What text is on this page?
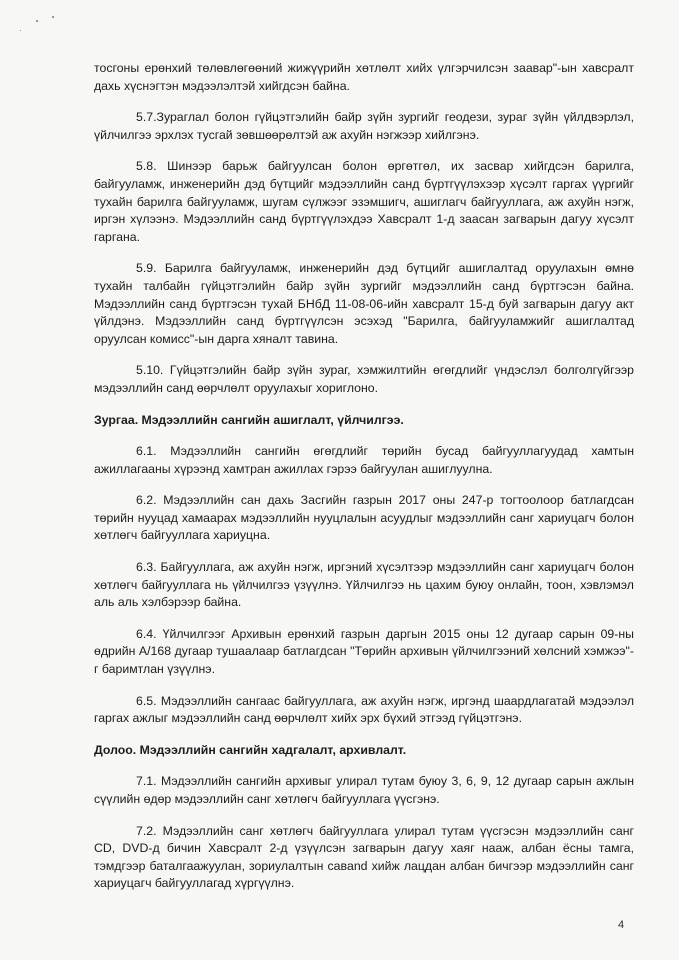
тосгоны ерөнхий төлөвлөгөөний жижүүрийн хөтлөлт хийх үлгэрчилсэн заавар"-ын хавсралт дахь хүснэгтэн мэдээлэлтэй хийгдсэн байна.

5.7.Зураглал болон гүйцэтгэлийн байр зүйн зургийг геодези, зураг зүйн үйлдвэрлэл, үйлчилгээ эрхлэх тусгай зөвшөөрөлтэй аж ахуйн нэгжээр хийлгэнэ.

5.8. Шинээр барьж байгуулсан болон өргөтгөл, их засвар хийгдсэн барилга, байгууламж, инженерийн дэд бүтцийг мэдээллийн санд бүртгүүлэхээр хүсэлт гаргах үүргийг тухайн барилга байгууламж, шугам сүлжээг эзэмшигч, ашиглагч байгууллага, аж ахуйн нэгж, иргэн хүлээнэ. Мэдээллийн санд бүртгүүлэхдээ Хавсралт 1-д заасан загварын дагуу хүсэлт гаргана.

5.9. Барилга байгууламж, инженерийн дэд бүтцийг ашиглалтад оруулахын өмнө тухайн талбайн гүйцэтгэлийн байр зүйн зургийг мэдээллийн санд бүртгэсэн байна. Мэдээллийн санд бүртгэсэн тухай БНбД 11-08-06-ийн хавсралт 15-д буй загварын дагуу акт үйлдэнэ. Мэдээллийн санд бүртгүүлсэн эсэхэд "Барилга, байгууламжийг ашиглалтад оруулсан комисс"-ын дарга хяналт тавина.

5.10. Гүйцэтгэлийн байр зүйн зураг, хэмжилтийн өгөгдлийг үндэслэл болголгүйгээр мэдээллийн санд өөрчлөлт оруулахыг хориглоно.

Зургаа. Мэдээллийн сангийн ашиглалт, үйлчилгээ.

6.1. Мэдээллийн сангийн өгөгдлийг төрийн бусад байгууллагуудад хамтын ажиллагааны хүрээнд хамтран ажиллах гэрээ байгуулан ашиглуулна.

6.2. Мэдээллийн сан дахь Засгийн газрын 2017 оны 247-р тогтоолоор батлагдсан төрийн нууцад хамаарах мэдээллийн нууцлалын асуудлыг мэдээллийн санг хариуцагч болон хөтлөгч байгууллага хариуцна.

6.3. Байгууллага, аж ахуйн нэгж, иргэний хүсэлтээр мэдээллийн санг хариуцагч болон хөтлөгч байгууллага нь үйлчилгээ үзүүлнэ. Үйлчилгээ нь цахим буюу онлайн, тоон, хэвлэмэл аль аль хэлбэрээр байна.

6.4. Үйлчилгээг Архивын ерөнхий газрын даргын 2015 оны 12 дугаар сарын 09-ны өдрийн А/168 дугаар тушаалаар батлагдсан "Төрийн архивын үйлчилгээний хөлсний хэмжээ"-г баримтлан үзүүлнэ.

6.5. Мэдээллийн сангаас байгууллага, аж ахуйн нэгж, иргэнд шаардлагатай мэдээлэл гаргах ажлыг мэдээллийн санд өөрчлөлт хийх эрх бүхий этгээд гүйцэтгэнэ.

Долоо. Мэдээллийн сангийн хадгалалт, архивлалт.

7.1. Мэдээллийн сангийн архивыг улирал тутам буюу 3, 6, 9, 12 дугаар сарын ажлын сүүлийн өдөр мэдээллийн санг хөтлөгч байгууллага үүсгэнэ.

7.2. Мэдээллийн санг хөтлөгч байгууллага улирал тутам үүсгэсэн мэдээллийн санг CD, DVD-д бичин Хавсралт 2-д үзүүлсэн загварын дагуу хаяг нааж, албан ёсны тамга, тэмдгээр баталгаажуулан, зориулалтын савand хийж лацдан албан бичгээр мэдээллийн санг хариуцагч байгууллагад хүргүүлнэ.

4
